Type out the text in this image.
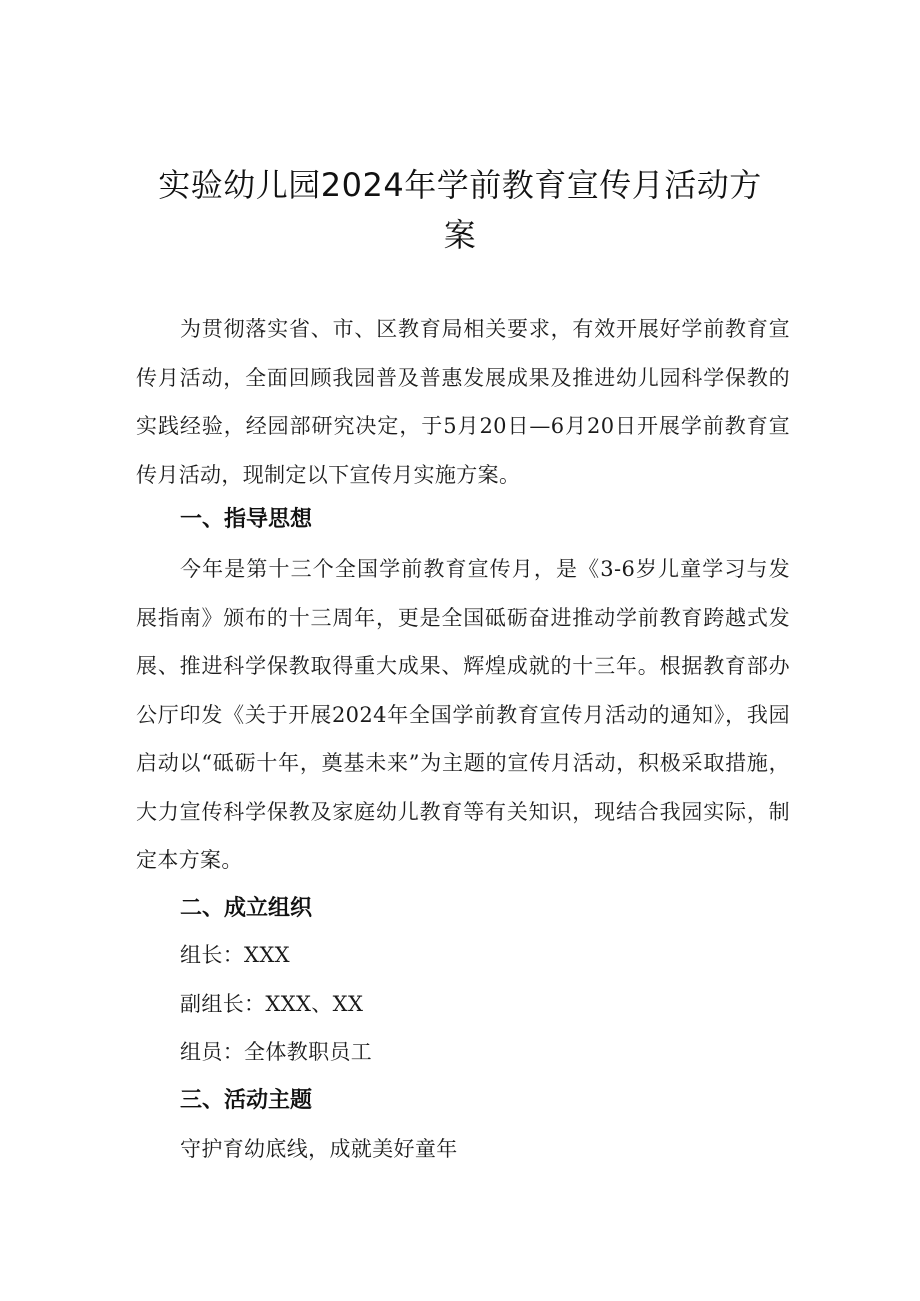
实验幼儿园2024年学前教育宣传月活动方案

为贯彻落实省、市、区教育局相关要求，有效开展好学前教育宣传月活动，全面回顾我园普及普惠发展成果及推进幼儿园科学保教的实践经验，经园部研究决定，于5月20日—6月20日开展学前教育宣传月活动，现制定以下宣传月实施方案。

一、指导思想

今年是第十三个全国学前教育宣传月，是《3-6岁儿童学习与发展指南》颁布的十三周年，更是全国砥砺奋进推动学前教育跨越式发展、推进科学保教取得重大成果、辉煌成就的十三年。根据教育部办公厅印发《关于开展2024年全国学前教育宣传月活动的通知》，我园启动以“砥砺十年，奠基未来”为主题的宣传月活动，积极采取措施，大力宣传科学保教及家庭幼儿教育等有关知识，现结合我园实际，制定本方案。

二、成立组织

组长：XXX

副组长：XXX、XX

组员：全体教职员工

三、活动主题

守护育幼底线，成就美好童年
